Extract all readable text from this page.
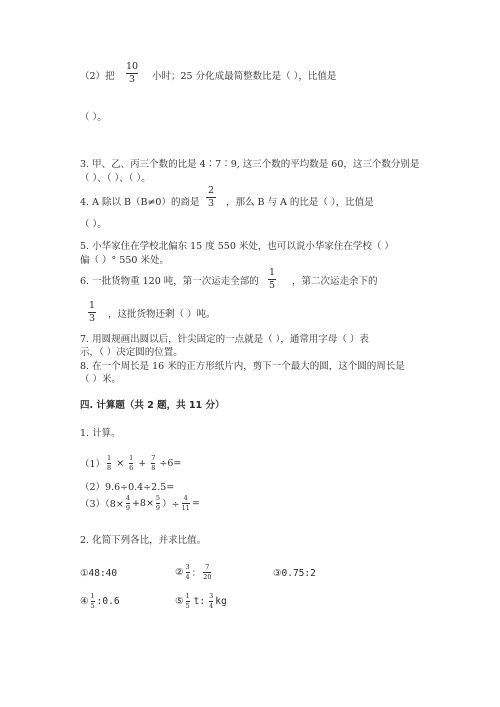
（2）把
10
3 小时；25 分化成最简整数比是（ ），比值是
（ ）。
3. 甲、乙、丙三个数的比是 4∶7∶9, 这三个数的平均数是 60，这三个数分别是
（ ）、（ ）、（ ）。
4. A 除以 B（B≠0）的商是
2
3 ，那么 B 与 A 的比是（ ），比值是
（ ）。
5. 小华家住在学校北偏东 15 度 550 米处，也可以说小华家住在学校（ ）
偏（ ）° 550 米处。
6. 一批货物重 120 吨，第一次运走全部的
1
5 ，第二次运走余下的
1
3 ，这批货物还剩（ ）吨。
7. 用圆规画出圆以后，针尖固定的一点就是（ ），通常用字母（ ）表
示，（ ）决定圆的位置。
8. 在一个周长是 16 米的正方形纸片内，剪下一个最大的圆，这个圆的周长是
（ ）米。
四. 计算题（共 2 题，共 11 分）
1. 计算。
（1）
1
8 × 1
6 + 7
8 ÷6=
（2）9.6÷0.4÷2.5=
（3）（8×
4
9 +8× 5
9 ）÷
4
11 =
2. 化简下列各比，并求比值。
①48:40	② 3
4 ：
7
20	③0.75:2
④ 1
5 :0.6	⑤ 1
5 t: 3
4 kg
